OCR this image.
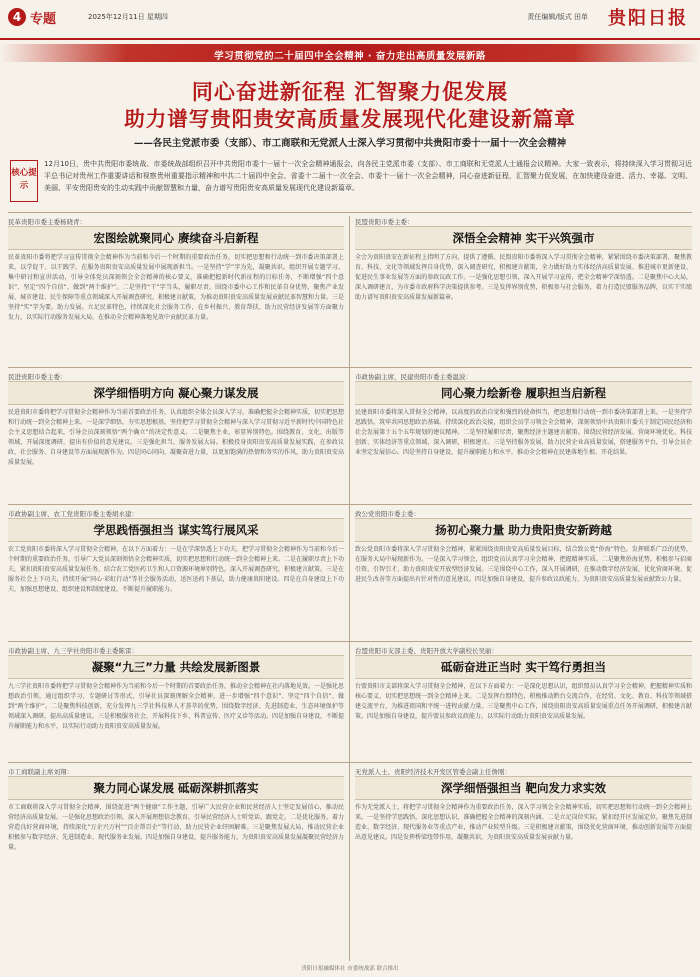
4 专题	2025年12月11日 星期四	责任编辑/版式 田单 贵阳日报
学习贯彻党的二十届四中全会精神 · 奋力走出高质量发展新路
同心奋进新征程 汇智聚力促发展
助力谱写贵阳贵安高质量发展现代化建设新篇章
——各民主党派市委（支部）、市工商联和无党派人士深入学习贯彻中共贵阳市委十一届十一次全会精神
核心提示
12月10日，贵中共贵阳市委统战、市委统战部组织召开中共贵阳市委十一届十一次全会精神通报会，向各民主党派市委（支部）、市工商联和无党派人士通报会议精神。大家一致表示，将持续深入学习贯彻习近平总书记对贵州工作重要讲话和视察贵州重要指示精神和中共二十届四中全会、省委十二届十一次全会、市委十一届十一次全会精神，同心奋进新征程，汇智聚力促发展，在加快建设奋进、活力、幸福、文明、美丽、平安贵阳贵安的生动实践中贡献智慧和力量，奋力谱写贵阳贵安高质量发展现代化建设新篇章。
民革贵阳市委主委杨晓青：
宏图绘就聚同心 赓续奋斗启新程
民革贵阳市委将把学习宣传贯彻全会精神作为当前和今后一个时期的重要政治任务，切实把思想和行动统一到市委决策部署上来，以学促干、以干践学，在服务贵阳贵安高质量发展中展现新担当。一是坚持“学”字为先，凝聚共识。组织开展专题学习、集中研讨和宣讲活动，引导全体党员深刻领会全会精神的核心要义，准确把握新时代新征程的目标任务，不断增强“四个意识”、坚定“四个自信”、做到“两个维护”。二是坚持“干”字当头，履职尽责。围绕市委中心工作和民革自身优势，聚焦产业发展、城市建设、民生保障等重点领域深入开展调查研究，积极建言献策，为推动贵阳贵安高质量发展贡献民革智慧和力量。三是坚持“实”字为要，助力发展。立足民革特色，持续深化社会服务工作，在乡村振兴、教育帮扶、助力民营经济发展等方面聚力发力，以实际行动服务发展大局，在推动全会精神落地见效中贡献民革力量。
民盟贵阳市委主委：
深悟全会精神 实干兴筑强市
全会为贵阳贵安在新征程上指明了方向、提供了遵循。民盟贵阳市委将深入学习贯彻全会精神，紧紧围绕市委决策部署，聚焦教育、科技、文化等领域发挥自身优势，深入调查研究，积极建言献策，全力做好助力实体经济高质量发展、推进城市更新建设、促进民生事业发展等方面的参政议政工作。一是强化思想引领，深入开展学习宣传，把全会精神学深悟透。二是聚焦中心大局，深入调研建言，为市委市政府科学决策提供参考。三是发挥界别优势，积极参与社会服务，着力打造民盟服务品牌，以实干实绩助力谱写贵阳贵安高质量发展新篇章。
民进贵阳市委主委：
深学细悟明方向 凝心聚力谋发展
民进贵阳市委将把学习贯彻全会精神作为当前首要政治任务，认真组织全体会员深入学习，准确把握全会精神实质，切实把思想和行动统一到全会精神上来。一是深学细悟，夯实思想根基。坚持把学习贯彻全会精神与深入学习贯彻习近平新时代中国特色社会主义思想结合起来，引导会员深刻领悟“两个确立”的决定性意义。二是聚焦主业，彰显界别特色。围绕教育、文化、出版等领域，开展深度调研，提出有价值的意见建议。三是强化担当，服务发展大局。积极投身贵阳贵安高质量发展实践，在参政议政、社会服务、自身建设等方面展现新作为。四是同心同向，凝聚奋进力量，以更加饱满的热情和务实的作风，助力贵阳贵安高质量发展。
市政协副主席、民建贵阳市委主委温波：
同心聚力绘新卷 履职担当启新程
民建贵阳市委将深入贯彻全会精神，以高度的政治自觉和强烈的使命担当，把思想和行动统一到市委决策部署上来。一是坚持学思践悟，筑牢共同思想政治基础。持续深化政治交接，组织会员学习领会全会精神，深刻领悟中共贵阳市委关于制定国民经济和社会发展第十五个五年规划的建议精神。二是坚持履职尽责，聚焦经济主题建言献策。围绕民营经济发展、营商环境优化、科技创新、实体经济等重点领域，深入调研，积极建言。三是坚持服务发展，助力民营企业高质量发展，搭建服务平台，引导会员企业坚定发展信心。四是坚持自身建设，提升履职能力和水平，推动全会精神在民建落地生根、开花结果。
市政协副主席、农工党贵阳市委主委胡永建：
学思践悟强担当 谋实笃行展风采
农工党贵阳市委将深入学习贯彻全会精神，在以下方面着力：一是在学深悟透上下功夫，把学习贯彻全会精神作为当前和今后一个时期的重要政治任务，引导广大党员深刻领悟全会精神实质，切实把思想和行动统一到全会精神上来。二是在履职尽责上下功夫，紧扣贵阳贵安高质量发展任务，结合农工党医药卫生和人口资源环境界别特色，深入开展调查研究，积极建言献策。三是在服务社会上下功夫，持续开展“同心·彩虹行动”等社会服务活动，送医送药下基层，助力健康贵阳建设。四是在自身建设上下功夫，加强思想建设、组织建设和制度建设，不断提升履职能力。
致公党贵阳市委主委：
扬初心聚力量 助力贵阳贵安新跨越
致公党贵阳市委将深入学习贯彻全会精神，紧紧围绕贵阳贵安高质量发展目标，结合致公党“侨海”特色，发挥联系广泛的优势，在服务大局中展现新作为。一是深入学习领会，组织党员认真学习全会精神，把握精神实质。二是聚焦侨海优势，积极参与招商引资、引智引才，助力贵阳贵安开放型经济发展。三是围绕中心工作，深入开展调研，在推动数字经济发展、优化营商环境、促进民生改善等方面提出有针对性的意见建议。四是加强自身建设，提升参政议政能力，为贵阳贵安高质量发展贡献致公力量。
市政协副主席、九三学社贵阳市委主委陈雷：
凝聚“九三”力量 共绘发展新图景
九三学社贵阳市委将把学习贯彻全会精神作为当前和今后一个时期的首要政治任务，推动全会精神在社内落地见效。一是强化思想政治引领，通过组织学习、专题研讨等形式，引导社员深刻理解全会精神，进一步增强“四个意识”、坚定“四个自信”、做到“两个维护”。二是聚焦科技创新，充分发挥九三学社科技界人才荟萃的优势，围绕数字经济、先进制造业、生态环境保护等领域深入调研，提出高质量建议。三是积极服务社会，开展科技下乡、科普宣传、医疗义诊等活动。四是加强自身建设，不断提升履职能力和水平，以实际行动助力贵阳贵安高质量发展。
台盟贵阳市支部主委、贵阳开放大学副校长吴丽：
砥砺奋进正当时 实干笃行勇担当
台盟贵阳市支部将深入学习贯彻全会精神，在以下方面着力：一是深化思想认识，组织盟员认真学习全会精神，把握精神实质和核心要义，切实把思想统一到全会精神上来。二是发挥台盟特色，积极推动黔台交流合作，在经贸、文化、教育、科技等领域搭建交流平台，为推进祖国和平统一进程贡献力量。三是聚焦中心工作，围绕贵阳贵安高质量发展重点任务开展调研，积极建言献策。四是加强自身建设，提升盟员参政议政能力，以实际行动助力贵阳贵安高质量发展。
市工商联副主席刘翔：
聚力同心谋发展 砥砺深耕抓落实
市工商联将深入学习贯彻全会精神，围绕促进“两个健康”工作主题，引导广大民营企业和民营经济人士坚定发展信心，推动民营经济高质量发展。一是强化思想政治引领，深入开展理想信念教育，引导民营经济人士听党话、跟党走。二是优化服务，着力营造良好营商环境，持续深化“万企兴万村”“百企帮百企”等行动，助力民营企业纾困解难。三是聚焦发展大局，推动民营企业积极参与数字经济、先进制造业、现代服务业发展。四是加强自身建设，提升服务能力，为贵阳贵安高质量发展凝聚民营经济力量。
无党派人士、贵阳经济技术开发区管委会副主任詹刚：
深学细悟强担当 靶向发力求实效
作为无党派人士，将把学习贯彻全会精神作为重要政治任务，深入学习领会全会精神实质，切实把思想和行动统一到全会精神上来。一是坚持学思践悟，深化思想认识，准确把握全会精神的深刻内涵。二是立足岗位实际，紧扣经开区发展定位，聚焦先进制造业、数字经济、现代服务业等重点产业，推动产业转型升级。三是积极建言献策，围绕优化营商环境、推动创新发展等方面提出意见建议。四是发挥桥梁纽带作用，凝聚共识，为贵阳贵安高质量发展贡献力量。
贵阳日报融媒体社 市委统战部 联合推出
